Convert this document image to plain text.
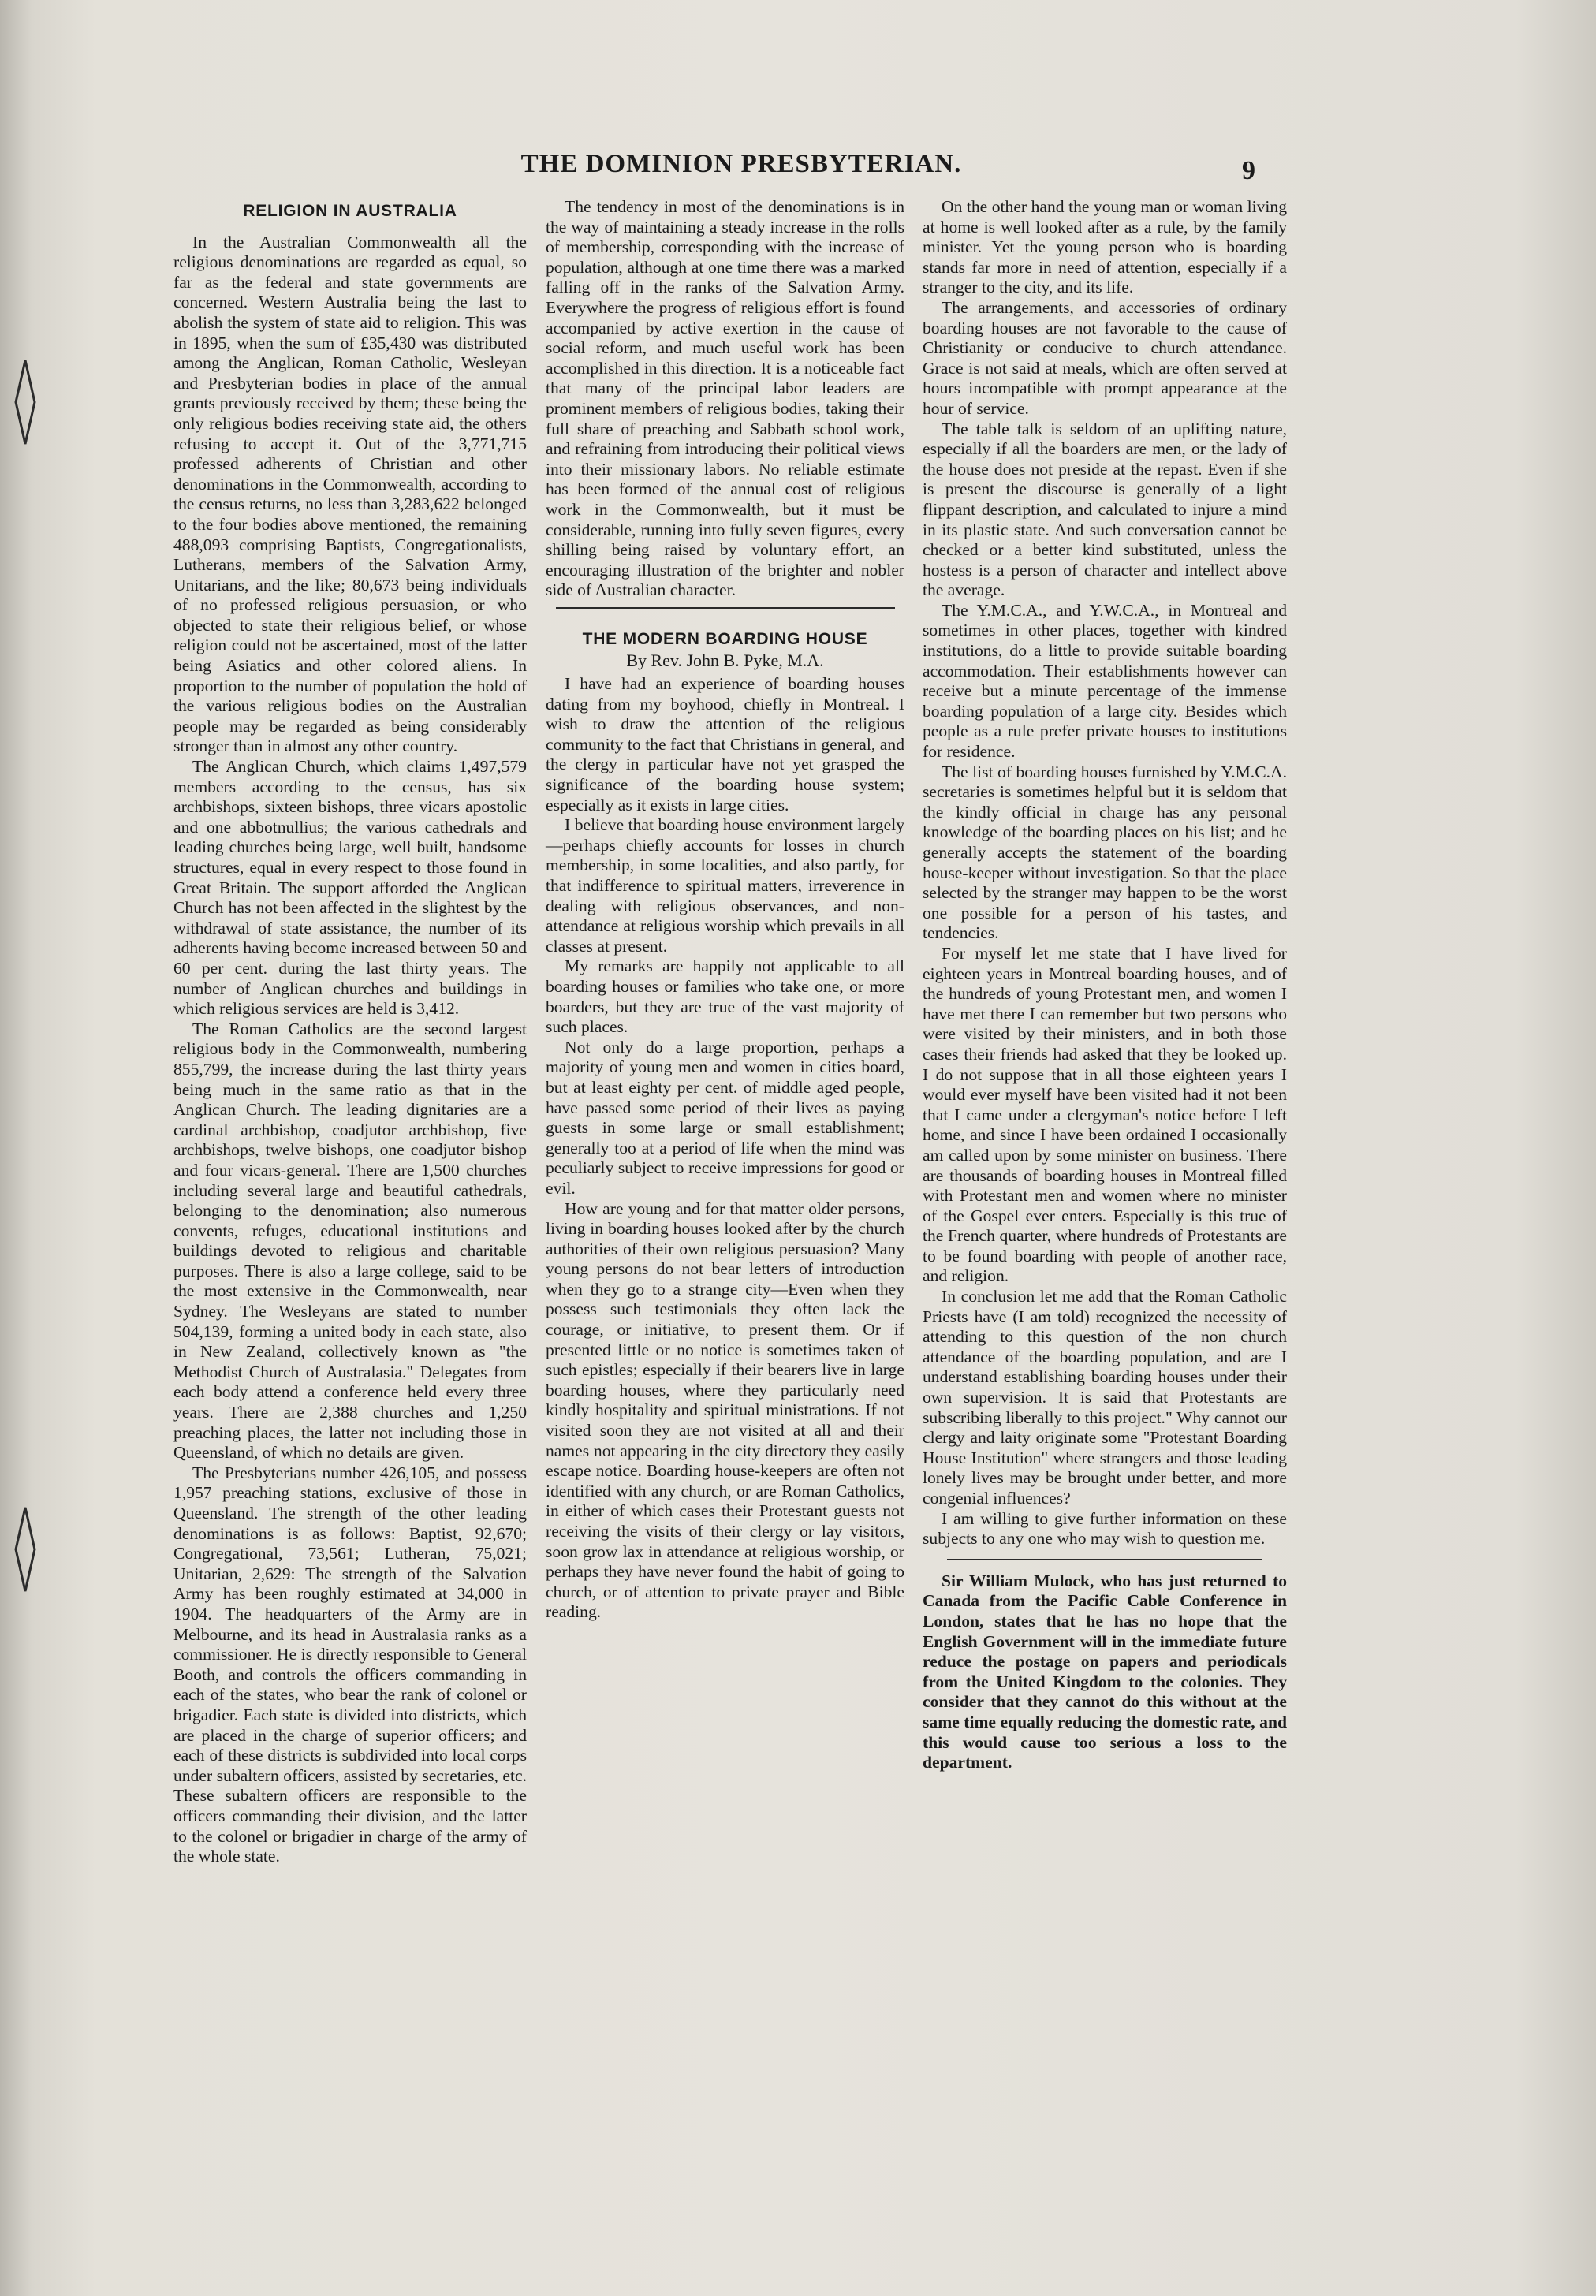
THE DOMINION PRESBYTERIAN.	9
RELIGION IN AUSTRALIA

In the Australian Commonwealth all the religious denominations are regarded as equal, so far as the federal and state governments are concerned. Western Australia being the last to abolish the system of state aid to religion. This was in 1895, when the sum of £35,430 was distributed among the Anglican, Roman Catholic, Wesleyan and Presbyterian bodies in place of the annual grants previously received by them; these being the only religious bodies receiving state aid, the others refusing to accept it. Out of the 3,771,715 professed adherents of Christian and other denominations in the Commonwealth, according to the census returns, no less than 3,283,622 belonged to the four bodies above mentioned, the remaining 488,093 comprising Baptists, Congregationalists, Lutherans, members of the Salvation Army, Unitarians, and the like; 80,673 being individuals of no professed religious persuasion, or who objected to state their religious belief, or whose religion could not be ascertained, most of the latter being Asiatics and other colored aliens. In proportion to the number of population the hold of the various religious bodies on the Australian people may be regarded as being considerably stronger than in almost any other country.

The Anglican Church, which claims 1,497,579 members according to the census, has six archbishops, sixteen bishops, three vicars apostolic and one abbotnullius; the various cathedrals and leading churches being large, well built, handsome structures, equal in every respect to those found in Great Britain. The support afforded the Anglican Church has not been affected in the slightest by the withdrawal of state assistance, the number of its adherents having become increased between 50 and 60 per cent. during the last thirty years. The number of Anglican churches and buildings in which religious services are held is 3,412.

The Roman Catholics are the second largest religious body in the Commonwealth, numbering 855,799, the increase during the last thirty years being much in the same ratio as that in the Anglican Church. The leading dignitaries are a cardinal archbishop, coadjutor archbishop, five archbishops, twelve bishops, one coadjutor bishop and four vicars-general. There are 1,500 churches including several large and beautiful cathedrals, belonging to the denomination; also numerous convents, refuges, educational institutions and buildings devoted to religious and charitable purposes. There is also a large college, said to be the most extensive in the Commonwealth, near Sydney. The Wesleyans are stated to number 504,139, forming a united body in each state, also in New Zealand, collectively known as "the Methodist Church of Australasia." Delegates from each body attend a conference held every three years. There are 2,388 churches and 1,250 preaching places, the latter not including those in Queensland, of which no details are given.

The Presbyterians number 426,105, and possess 1,957 preaching stations, exclusive of those in Queensland. The strength of the other leading denominations is as follows: Baptist, 92,670; Congregational, 73,561; Lutheran, 75,021; Unitarian, 2,629: The strength of the Salvation Army has been roughly estimated at 34,000 in 1904. The headquarters of the Army are in Melbourne, and its head in Australasia ranks as a commissioner. He is directly responsible to General Booth, and controls the officers commanding in each of the states, who bear the rank of colonel or brigadier. Each state is divided into districts, which are placed in the charge of superior officers; and each of these districts is subdivided into local corps under subaltern officers, assisted by secretaries, etc. These subaltern officers are responsible to the officers commanding their division, and the latter to the colonel or brigadier in charge of the army of the whole state.

The tendency in most of the denominations is in the way of maintaining a steady increase in the rolls of membership, corresponding with the increase of population, although at one time there was a marked falling off in the ranks of the Salvation Army. Everywhere the progress of religious effort is found accompanied by active exertion in the cause of social reform, and much useful work has been accomplished in this direction. It is a noticeable fact that many of the principal labor leaders are prominent members of religious bodies, taking their full share of preaching and Sabbath school work, and refraining from introducing their political views into their missionary labors. No reliable estimate has been formed of the annual cost of religious work in the Commonwealth, but it must be considerable, running into fully seven figures, every shilling being raised by voluntary effort, an encouraging illustration of the brighter and nobler side of Australian character.

THE MODERN BOARDING HOUSE
By Rev. John B. Pyke, M.A.

I have had an experience of boarding houses dating from my boyhood, chiefly in Montreal. I wish to draw the attention of the religious community to the fact that Christians in general, and the clergy in particular have not yet grasped the significance of the boarding house system; especially as it exists in large cities.

I believe that boarding house environment largely—perhaps chiefly accounts for losses in church membership, in some localities, and also partly, for that indifference to spiritual matters, irreverence in dealing with religious observances, and non-attendance at religious worship which prevails in all classes at present.

My remarks are happily not applicable to all boarding houses or families who take one, or more boarders, but they are true of the vast majority of such places.

Not only do a large proportion, perhaps a majority of young men and women in cities board, but at least eighty per cent. of middle aged people, have passed some period of their lives as paying guests in some large or small establishment; generally too at a period of life when the mind was peculiarly subject to receive impressions for good or evil.

How are young and for that matter older persons, living in boarding houses looked after by the church authorities of their own religious persuasion? Many young persons do not bear letters of introduction when they go to a strange city—Even when they possess such testimonials they often lack the courage, or initiative, to present them. Or if presented little or no notice is sometimes taken of such epistles; especially if their bearers live in large boarding houses, where they particularly need kindly hospitality and spiritual ministrations. If not visited soon they are not visited at all and their names not appearing in the city directory they easily escape notice. Boarding house-keepers are often not identified with any church, or are Roman Catholics, in either of which cases their Protestant guests not receiving the visits of their clergy or lay visitors, soon grow lax in attendance at religious worship, or perhaps they have never found the habit of going to church, or of attention to private prayer and Bible reading.

On the other hand the young man or woman living at home is well looked after as a rule, by the family minister. Yet the young person who is boarding stands far more in need of attention, especially if a stranger to the city, and its life.

The arrangements, and accessories of ordinary boarding houses are not favorable to the cause of Christianity or conducive to church attendance. Grace is not said at meals, which are often served at hours incompatible with prompt appearance at the hour of service.

The table talk is seldom of an uplifting nature, especially if all the boarders are men, or the lady of the house does not preside at the repast. Even if she is present the discourse is generally of a light flippant description, and calculated to injure a mind in its plastic state. And such conversation cannot be checked or a better kind substituted, unless the hostess is a person of character and intellect above the average.

The Y.M.C.A., and Y.W.C.A., in Montreal and sometimes in other places, together with kindred institutions, do a little to provide suitable boarding accommodation. Their establishments however can receive but a minute percentage of the immense boarding population of a large city. Besides which people as a rule prefer private houses to institutions for residence.

The list of boarding houses furnished by Y.M.C.A. secretaries is sometimes helpful but it is seldom that the kindly official in charge has any personal knowledge of the boarding places on his list; and he generally accepts the statement of the boarding house-keeper without investigation. So that the place selected by the stranger may happen to be the worst one possible for a person of his tastes, and tendencies.

For myself let me state that I have lived for eighteen years in Montreal boarding houses, and of the hundreds of young Protestant men, and women I have met there I can remember but two persons who were visited by their ministers, and in both those cases their friends had asked that they be looked up. I do not suppose that in all those eighteen years I would ever myself have been visited had it not been that I came under a clergyman's notice before I left home, and since I have been ordained I occasionally am called upon by some minister on business. There are thousands of boarding houses in Montreal filled with Protestant men and women where no minister of the Gospel ever enters. Especially is this true of the French quarter, where hundreds of Protestants are to be found boarding with people of another race, and religion.

In conclusion let me add that the Roman Catholic Priests have (I am told) recognized the necessity of attending to this question of the non church attendance of the boarding population, and are I understand establishing boarding houses under their own supervision. It is said that Protestants are subscribing liberally to this project." Why cannot our clergy and laity originate some "Protestant Boarding House Institution" where strangers and those leading lonely lives may be brought under better, and more congenial influences?

I am willing to give further information on these subjects to any one who may wish to question me.

Sir William Mulock, who has just returned to Canada from the Pacific Cable Conference in London, states that he has no hope that the English Government will in the immediate future reduce the postage on papers and periodicals from the United Kingdom to the colonies. They consider that they cannot do this without at the same time equally reducing the domestic rate, and this would cause too serious a loss to the department.
